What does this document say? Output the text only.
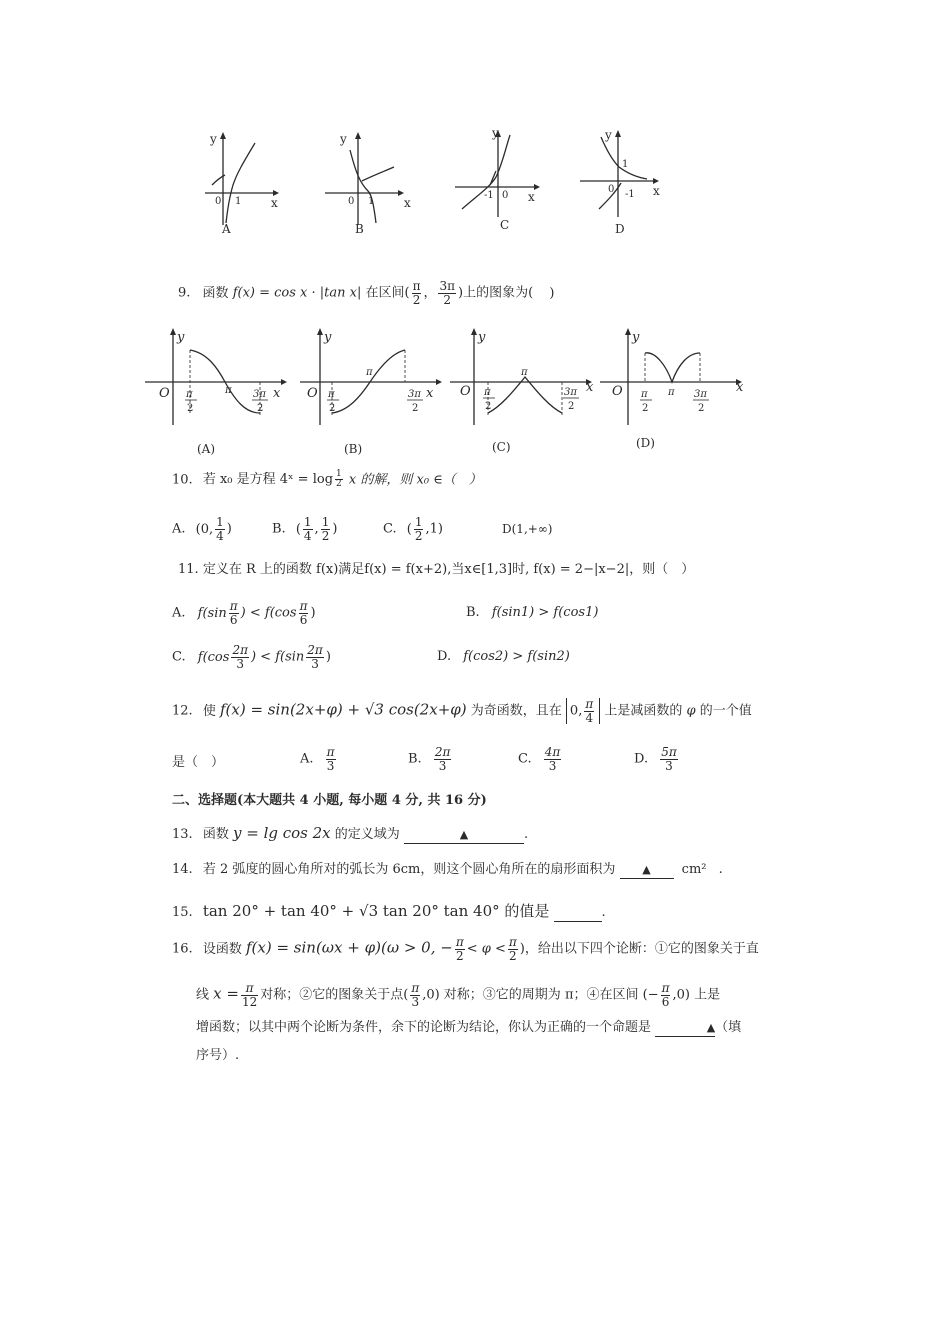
y
x
0 1
A
y
x
0 1
B
y
x
0
-1
C
y
x
0
1
-1
D
9. 函数 f(x) = cos x · |tan x| 在区间( $\frac{\pi}{2}$ ， $\frac{3\pi}{2}$ )上的图象为( )
y
x
O	π
π
2
3π
2
(A)
y
x
O
π
π
2
3π
2
(B)
y
x
O
π
π
2
3π
2
(C)
y
x
O	π
π
2
3π
2
(D)
10. 若 x₀ 是方程 4ˣ = $\log \frac{1}{2}$ x 的解，则 x₀ ∈（　）
A. (0, $\frac{1}{4}$ )	B. ( $\frac{1}{4}$ , $\frac{1}{2}$ )	C. ( $\frac{1}{2} ,1$)	D(1,+∞)
11. 定义在 R 上的函数 f(x)满足f(x) = f(x+2),当x∈[1,3]时, f(x) = 2−|x−2|，则（　）
A. $f(\sin \frac{\pi}{6}$ ) < $f(\cos \frac{\pi}{6}$ )	B. f(sin1) > f(cos1)
C. $f(\cos \frac{2\pi}{3}$ ) < $f(\sin \frac{2\pi}{3}$ )	D. f(cos2) > f(sin2)
12. 使 f(x) = sin(2x+φ) + √3 cos(2x+φ) 为奇函数，且在 0, $\frac{\pi}{4}$ 上是减函数的 φ 的一个值
是（　）	A. $\frac{\pi}{3}$	B. $\frac{2\pi}{3}$	C. $\frac{4\pi}{3}$	D. $\frac{5\pi}{3}$
二、选择题(本大题共 4 小题, 每小题 4 分, 共 16 分)
13. 函数 y = lg cos 2x 的定义域为	▲	.
14. 若 2 弧度的圆心角所对的弧长为 6cm，则这个圆心角所在的扇形面积为 ▲ cm² .
15. tan 20° + tan 40° + √3 tan 20° tan 40° 的值是	.
16. 设函数 f(x) = sin(ωx + φ)(ω > 0, − $\frac{\pi}{2} < \varphi < \frac{\pi}{2}$ )，给出以下四个论断：①它的图象关于直
线 $x = \frac{\pi}{12}$ 对称；②它的图象关于点( $\frac{\pi}{3} ,0$) 对称；③它的周期为 π；④在区间 (− $\frac{\pi}{6} ,0$) 上是
增函数；以其中两个论断为条件，余下的论断为结论，你认为正确的一个命题是	▲（填
序号）.
